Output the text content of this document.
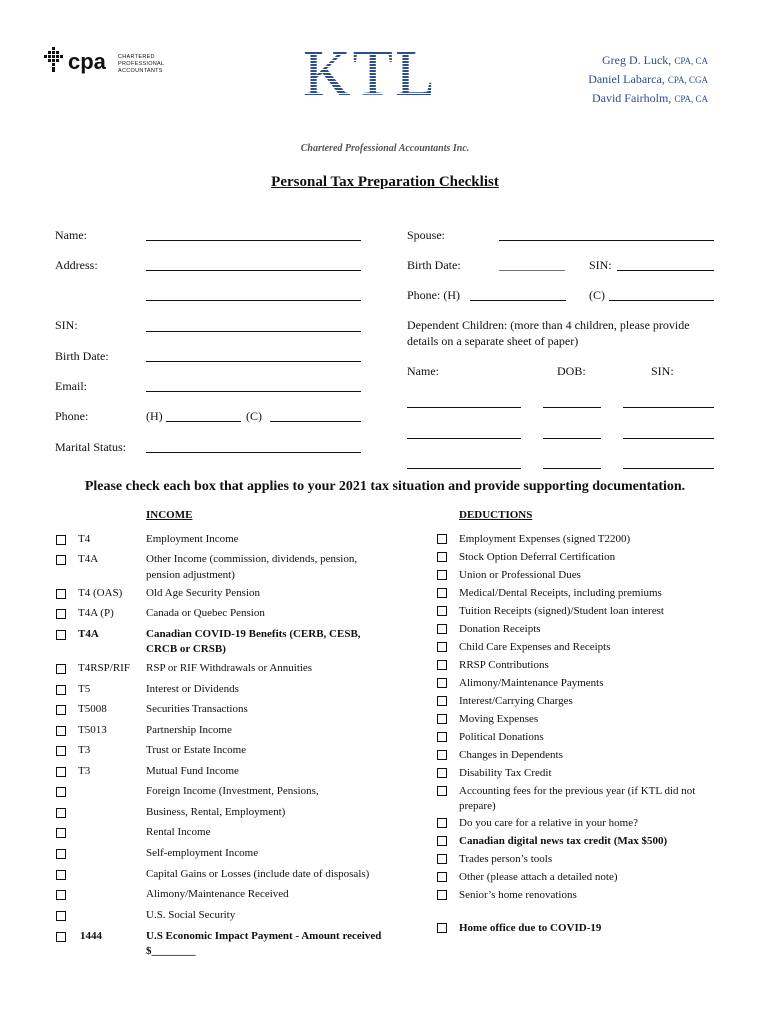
cpa CHARTERED
PROFESSIONAL
ACCOUNTANTS KTL	Greg D. Luck, CPA, CA
Daniel Labarca, CPA, CGA
David Fairholm, CPA, CA
Chartered Professional Accountants Inc.
Personal Tax Preparation Checklist
Name:
Address:
SIN:
Birth Date:
Email:
Phone:	(H)	(C)
Marital Status:
Spouse:
Birth Date:	___________ SIN:
Phone: (H)	(C)
Dependent Children: (more than 4 children, please provide
details on a separate sheet of paper)
Name:	DOB:	SIN:
Please check each box that applies to your 2021 tax situation and provide supporting documentation.
INCOME
T4	Employment Income
T4A	Other Income (commission, dividends, pension,
pension adjustment)
T4 (OAS) Old Age Security Pension
T4A (P)	Canada or Quebec Pension
T4A	Canadian COVID-19 Benefits (CERB, CESB,
CRCB or CRSB)
T4RSP/RIF RSP or RIF Withdrawals or Annuities
T5	Interest or Dividends
T5008	Securities Transactions
T5013	Partnership Income
T3	Trust or Estate Income
T3	Mutual Fund Income
Foreign Income (Investment, Pensions,
Business, Rental, Employment)
Rental Income
Self-employment Income
Capital Gains or Losses (include date of disposals)
Alimony/Maintenance Received
U.S. Social Security
1444	U.S Economic Impact Payment - Amount received
$________
DEDUCTIONS
Employment Expenses (signed T2200)
Stock Option Deferral Certification
Union or Professional Dues
Medical/Dental Receipts, including premiums
Tuition Receipts (signed)/Student loan interest
Donation Receipts
Child Care Expenses and Receipts
RRSP Contributions
Alimony/Maintenance Payments
Interest/Carrying Charges
Moving Expenses
Political Donations
Changes in Dependents
Disability Tax Credit
Accounting fees for the previous year (if KTL did not
prepare)
Do you care for a relative in your home?
Canadian digital news tax credit (Max $500)
Trades person’s tools
Other (please attach a detailed note)
Senior’s home renovations
Home office due to COVID-19
